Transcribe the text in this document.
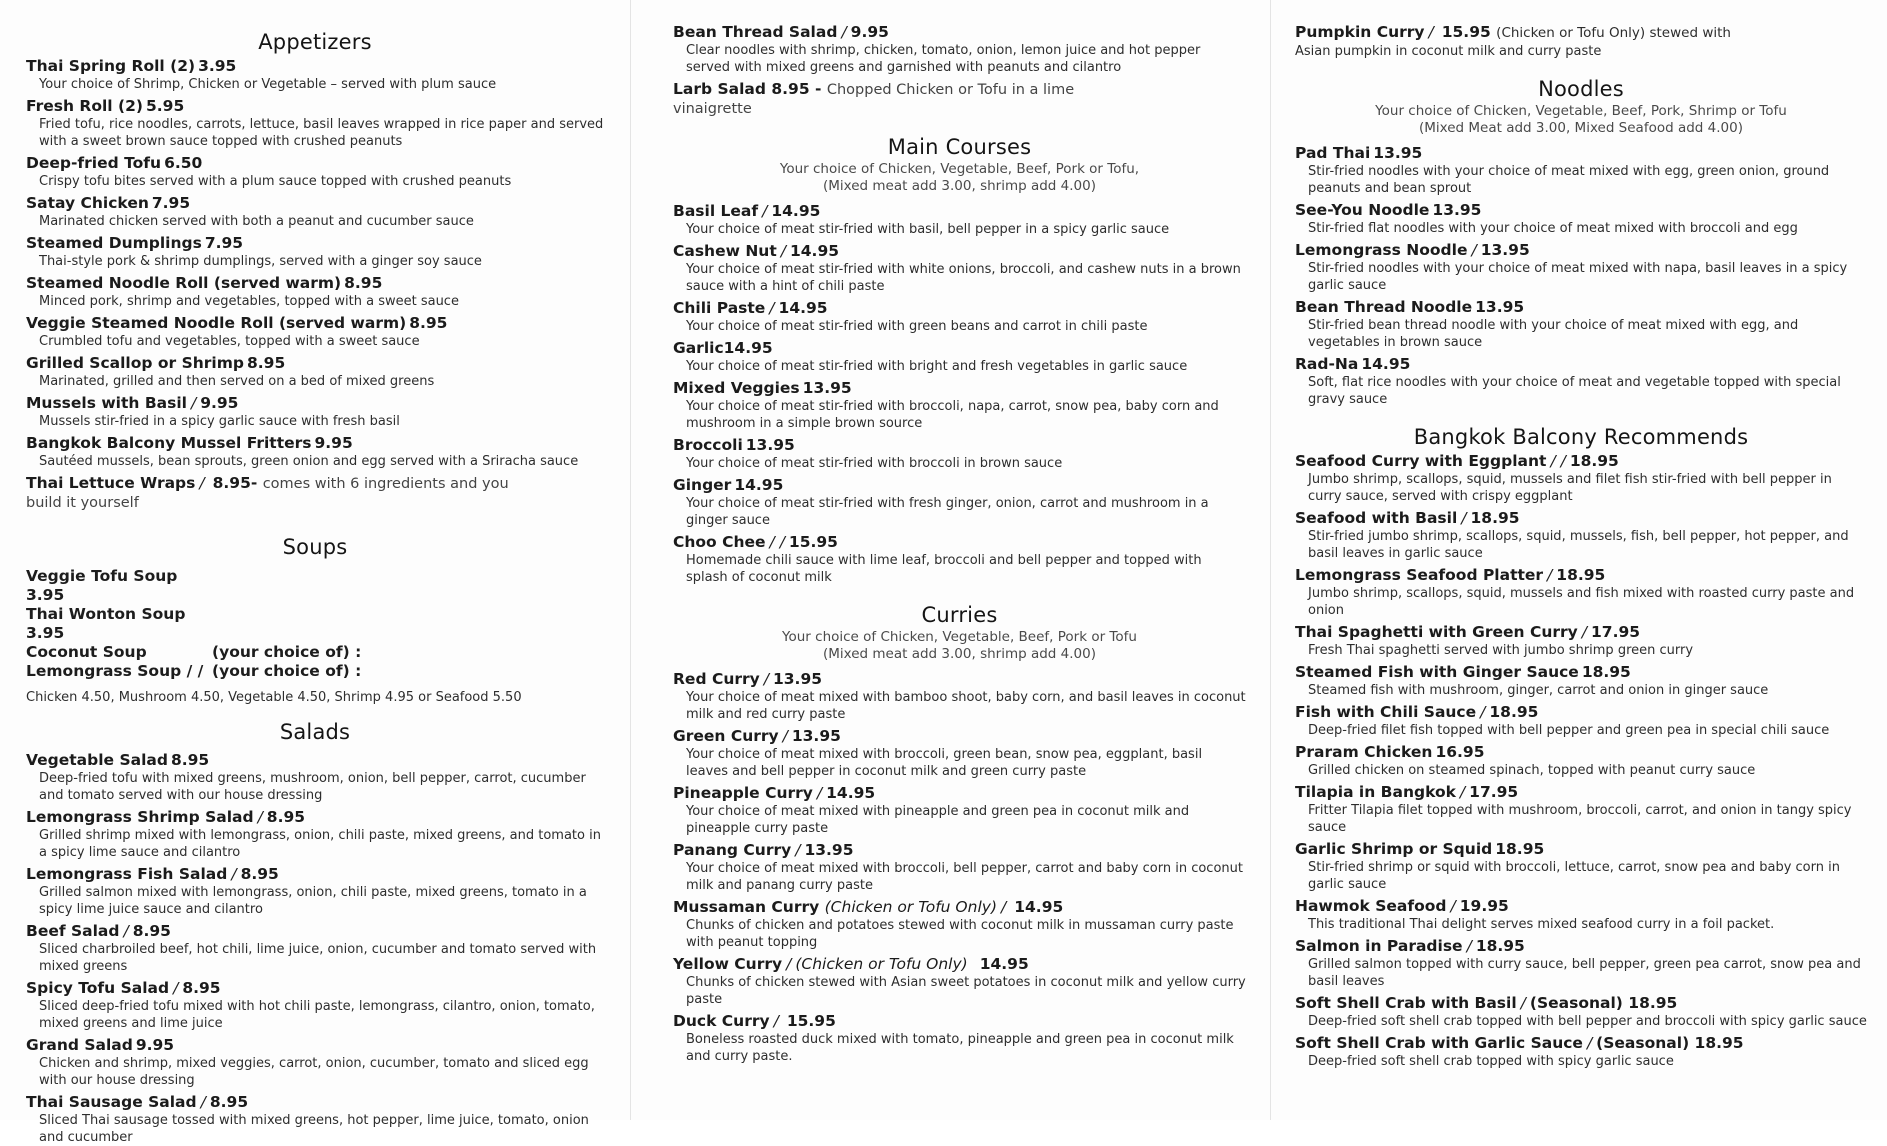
Appetizers
Thai Spring Roll (2) 3.95
Your choice of Shrimp, Chicken or Vegetable – served with plum sauce
Fresh Roll (2) 5.95
Fried tofu, rice noodles, carrots, lettuce, basil leaves wrapped in rice paper and served with a sweet brown sauce topped with crushed peanuts
Deep-fried Tofu 6.50
Crispy tofu bites served with a plum sauce topped with crushed peanuts
Satay Chicken 7.95
Marinated chicken served with both a peanut and cucumber sauce
Steamed Dumplings 7.95
Thai-style pork & shrimp dumplings, served with a ginger soy sauce
Steamed Noodle Roll (served warm) 8.95
Minced pork, shrimp and vegetables, topped with a sweet sauce
Veggie Steamed Noodle Roll (served warm) 8.95
Crumbled tofu and vegetables, topped with a sweet sauce
Grilled Scallop or Shrimp 8.95
Marinated, grilled and then served on a bed of mixed greens
Mussels with Basil / 9.95
Mussels stir-fried in a spicy garlic sauce with fresh basil
Bangkok Balcony Mussel Fritters 9.95
Sautéed mussels, bean sprouts, green onion and egg served with a Sriracha sauce
Thai Lettuce Wraps / 8.95- comes with 6 ingredients and you
build it yourself
Soups
Veggie Tofu Soup 3.95
Thai Wonton Soup 3.95
Coconut Soup	(your choice of) :
Lemongrass Soup / / (your choice of) :
Chicken 4.50, Mushroom 4.50, Vegetable 4.50, Shrimp 4.95 or Seafood 5.50
Salads
Vegetable Salad 8.95
Deep-fried tofu with mixed greens, mushroom, onion, bell pepper, carrot, cucumber and tomato served with our house dressing
Lemongrass Shrimp Salad / 8.95
Grilled shrimp mixed with lemongrass, onion, chili paste, mixed greens, and tomato in a spicy lime sauce and cilantro
Lemongrass Fish Salad / 8.95
Grilled salmon mixed with lemongrass, onion, chili paste, mixed greens, tomato in a spicy lime juice sauce and cilantro
Beef Salad / 8.95
Sliced charbroiled beef, hot chili, lime juice, onion, cucumber and tomato served with mixed greens
Spicy Tofu Salad / 8.95
Sliced deep-fried tofu mixed with hot chili paste, lemongrass, cilantro, onion, tomato, mixed greens and lime juice
Grand Salad 9.95
Chicken and shrimp, mixed veggies, carrot, onion, cucumber, tomato and sliced egg with our house dressing
Thai Sausage Salad / 8.95
Sliced Thai sausage tossed with mixed greens, hot pepper, lime juice, tomato, onion and cucumber
Bean Thread Salad / 9.95
Clear noodles with shrimp, chicken, tomato, onion, lemon juice and hot pepper served with mixed greens and garnished with peanuts and cilantro
Larb Salad 8.95 - Chopped Chicken or Tofu in a lime
vinaigrette
Main Courses
Your choice of Chicken, Vegetable, Beef, Pork or Tofu,
(Mixed meat add 3.00, shrimp add 4.00)
Basil Leaf / 14.95
Your choice of meat stir-fried with basil, bell pepper in a spicy garlic sauce
Cashew Nut / 14.95
Your choice of meat stir-fried with white onions, broccoli, and cashew nuts in a brown sauce with a hint of chili paste
Chili Paste / 14.95
Your choice of meat stir-fried with green beans and carrot in chili paste
Garlic14.95
Your choice of meat stir-fried with bright and fresh vegetables in garlic sauce
Mixed Veggies 13.95
Your choice of meat stir-fried with broccoli, napa, carrot, snow pea, baby corn and mushroom in a simple brown source
Broccoli 13.95
Your choice of meat stir-fried with broccoli in brown sauce
Ginger 14.95
Your choice of meat stir-fried with fresh ginger, onion, carrot and mushroom in a ginger sauce
Choo Chee / / 15.95
Homemade chili sauce with lime leaf, broccoli and bell pepper and topped with splash of coconut milk
Curries
Your choice of Chicken, Vegetable, Beef, Pork or Tofu
(Mixed meat add 3.00, shrimp add 4.00)
Red Curry / 13.95
Your choice of meat mixed with bamboo shoot, baby corn, and basil leaves in coconut milk and red curry paste
Green Curry / 13.95
Your choice of meat mixed with broccoli, green bean, snow pea, eggplant, basil leaves and bell pepper in coconut milk and green curry paste
Pineapple Curry / 14.95
Your choice of meat mixed with pineapple and green pea in coconut milk and pineapple curry paste
Panang Curry / 13.95
Your choice of meat mixed with broccoli, bell pepper, carrot and baby corn in coconut milk and panang curry paste
Mussaman Curry (Chicken or Tofu Only) / 14.95
Chunks of chicken and potatoes stewed with coconut milk in mussaman curry paste with peanut topping
Yellow Curry / (Chicken or Tofu Only) 14.95
Chunks of chicken stewed with Asian sweet potatoes in coconut milk and yellow curry paste
Duck Curry / 15.95
Boneless roasted duck mixed with tomato, pineapple and green pea in coconut milk and curry paste.
Pumpkin Curry / 15.95 (Chicken or Tofu Only) stewed with
Asian pumpkin in coconut milk and curry paste
Noodles
Your choice of Chicken, Vegetable, Beef, Pork, Shrimp or Tofu
(Mixed Meat add 3.00, Mixed Seafood add 4.00)
Pad Thai 13.95
Stir-fried noodles with your choice of meat mixed with egg, green onion, ground peanuts and bean sprout
See-You Noodle 13.95
Stir-fried flat noodles with your choice of meat mixed with broccoli and egg
Lemongrass Noodle / 13.95
Stir-fried noodles with your choice of meat mixed with napa, basil leaves in a spicy garlic sauce
Bean Thread Noodle 13.95
Stir-fried bean thread noodle with your choice of meat mixed with egg, and vegetables in brown sauce
Rad-Na 14.95
Soft, flat rice noodles with your choice of meat and vegetable topped with special gravy sauce
Bangkok Balcony Recommends
Seafood Curry with Eggplant / / 18.95
Jumbo shrimp, scallops, squid, mussels and filet fish stir-fried with bell pepper in curry sauce, served with crispy eggplant
Seafood with Basil / 18.95
Stir-fried jumbo shrimp, scallops, squid, mussels, fish, bell pepper, hot pepper, and basil leaves in garlic sauce
Lemongrass Seafood Platter / 18.95
Jumbo shrimp, scallops, squid, mussels and fish mixed with roasted curry paste and onion
Thai Spaghetti with Green Curry / 17.95
Fresh Thai spaghetti served with jumbo shrimp green curry
Steamed Fish with Ginger Sauce 18.95
Steamed fish with mushroom, ginger, carrot and onion in ginger sauce
Fish with Chili Sauce / 18.95
Deep-fried filet fish topped with bell pepper and green pea in special chili sauce
Praram Chicken 16.95
Grilled chicken on steamed spinach, topped with peanut curry sauce
Tilapia in Bangkok / 17.95
Fritter Tilapia filet topped with mushroom, broccoli, carrot, and onion in tangy spicy sauce
Garlic Shrimp or Squid 18.95
Stir-fried shrimp or squid with broccoli, lettuce, carrot, snow pea and baby corn in garlic sauce
Hawmok Seafood / 19.95
This traditional Thai delight serves mixed seafood curry in a foil packet.
Salmon in Paradise / 18.95
Grilled salmon topped with curry sauce, bell pepper, green pea carrot, snow pea and basil leaves
Soft Shell Crab with Basil / (Seasonal) 18.95
Deep-fried soft shell crab topped with bell pepper and broccoli with spicy garlic sauce
Soft Shell Crab with Garlic Sauce / (Seasonal) 18.95
Deep-fried soft shell crab topped with spicy garlic sauce
